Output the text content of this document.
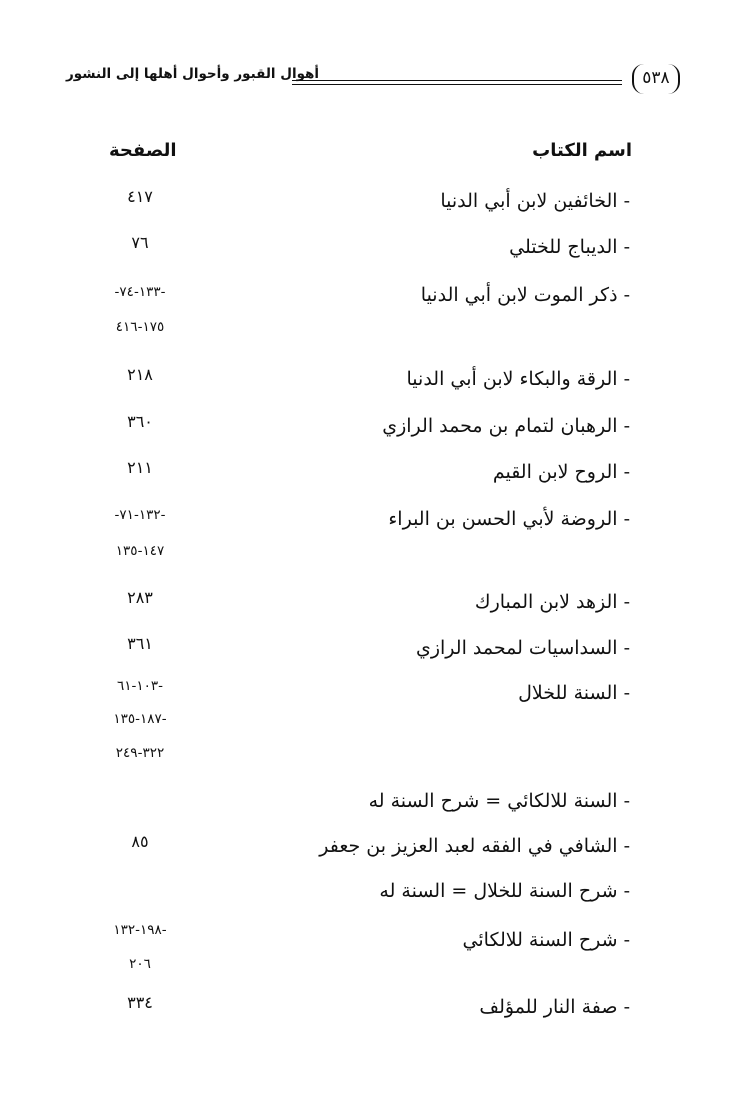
٥٣٨
أهوال القبور وأحوال أهلها إلى النشور
اسم الكتاب
الصفحة
- الخائفين لابن أبي الدنيا
٤١٧
- الديباج للختلي
٧٦
- ذكر الموت لابن أبي الدنيا
-١٣٣-٧٤-
١٧٥-٤١٦
- الرقة والبكاء لابن أبي الدنيا
٢١٨
- الرهبان لتمام بن محمد الرازي
٣٦٠
- الروح لابن القيم
٢١١
- الروضة لأبي الحسن بن البراء
-١٣٢-٧١-
١٤٧-١٣٥
- الزهد لابن المبارك
٢٨٣
- السداسيات لمحمد الرازي
٣٦١
- السنة للخلال
-١٠٣-٦١
-١٨٧-١٣٥
٣٢٢-٢٤٩
- السنة للالكائي = شرح السنة له
- الشافي في الفقه لعبد العزيز بن جعفر
٨٥
- شرح السنة للخلال = السنة له
- شرح السنة للالكائي
-١٩٨-١٣٢
٢٠٦
- صفة النار للمؤلف
٣٣٤
